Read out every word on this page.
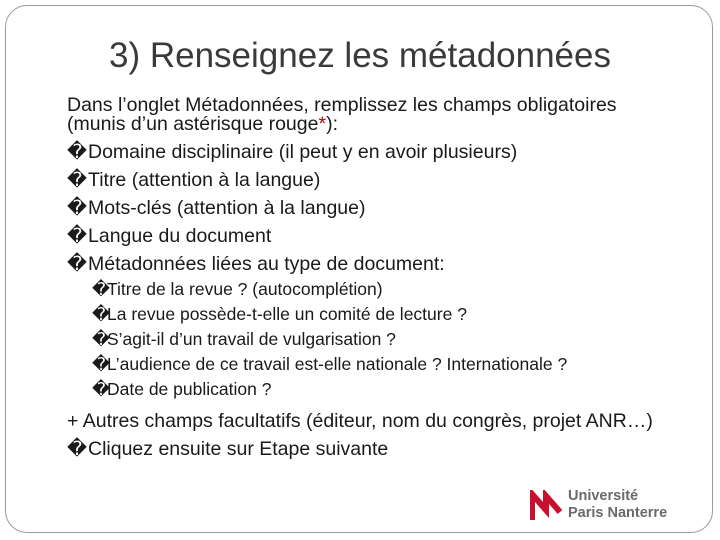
3) Renseignez les métadonnées
Dans l’onglet Métadonnées, remplissez les champs obligatoires (munis d’un astérisque rouge*):
�Domaine disciplinaire (il peut y en avoir plusieurs)
�Titre (attention à la langue)
�Mots-clés (attention à la langue)
�Langue du document
�Métadonnées liées au type de document:
�Titre de la revue ? (autocomplétion)
�La revue possède-t-elle un comité de lecture ?
�S’agit-il d’un travail de vulgarisation ?
�
L’audience de ce travail est-elle nationale ? Internationale ?
�Date de publication ?
+ Autres champs facultatifs (éditeur, nom du congrès, projet ANR…)
�Cliquez ensuite sur Etape suivante
Université
Paris Nanterre
